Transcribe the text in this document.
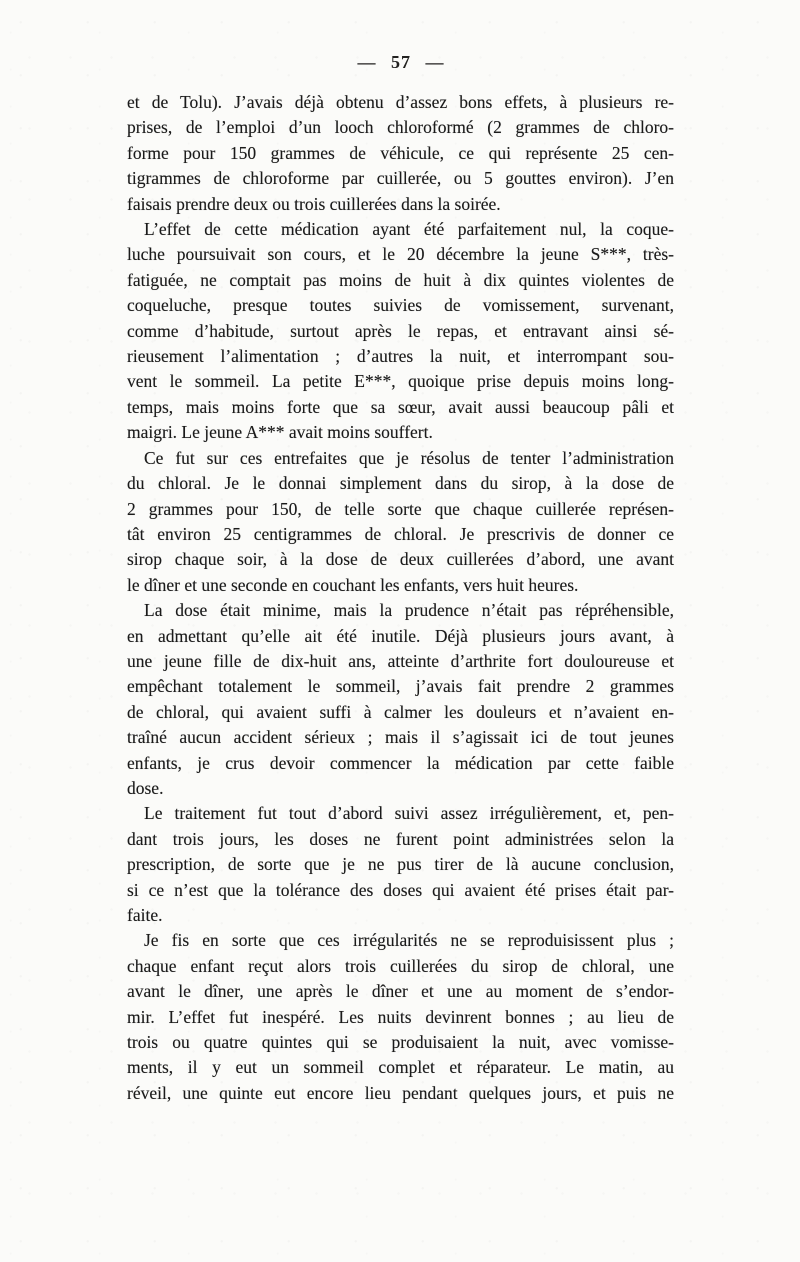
— 57 —
et de Tolu). J’avais déjà obtenu d’assez bons effets, à plusieurs re-
prises, de l’emploi d’un looch chloroformé (2 grammes de chloro-
forme pour 150 grammes de véhicule, ce qui représente 25 cen-
tigrammes de chloroforme par cuillerée, ou 5 gouttes environ). J’en
faisais prendre deux ou trois cuillerées dans la soirée.
L’effet de cette médication ayant été parfaitement nul, la coque-
luche poursuivait son cours, et le 20 décembre la jeune S***, très-
fatiguée, ne comptait pas moins de huit à dix quintes violentes de
coqueluche, presque toutes suivies de vomissement, survenant,
comme d’habitude, surtout après le repas, et entravant ainsi sé-
rieusement l’alimentation ; d’autres la nuit, et interrompant sou-
vent le sommeil. La petite E***, quoique prise depuis moins long-
temps, mais moins forte que sa sœur, avait aussi beaucoup pâli et
maigri. Le jeune A*** avait moins souffert.
Ce fut sur ces entrefaites que je résolus de tenter l’administration
du chloral. Je le donnai simplement dans du sirop, à la dose de
2 grammes pour 150, de telle sorte que chaque cuillerée représen-
tât environ 25 centigrammes de chloral. Je prescrivis de donner ce
sirop chaque soir, à la dose de deux cuillerées d’abord, une avant
le dîner et une seconde en couchant les enfants, vers huit heures.
La dose était minime, mais la prudence n’était pas répréhensible,
en admettant qu’elle ait été inutile. Déjà plusieurs jours avant, à
une jeune fille de dix-huit ans, atteinte d’arthrite fort douloureuse et
empêchant totalement le sommeil, j’avais fait prendre 2 grammes
de chloral, qui avaient suffi à calmer les douleurs et n’avaient en-
traîné aucun accident sérieux ; mais il s’agissait ici de tout jeunes
enfants, je crus devoir commencer la médication par cette faible
dose.
Le traitement fut tout d’abord suivi assez irrégulièrement, et, pen-
dant trois jours, les doses ne furent point administrées selon la
prescription, de sorte que je ne pus tirer de là aucune conclusion,
si ce n’est que la tolérance des doses qui avaient été prises était par-
faite.
Je fis en sorte que ces irrégularités ne se reproduisissent plus ;
chaque enfant reçut alors trois cuillerées du sirop de chloral, une
avant le dîner, une après le dîner et une au moment de s’endor-
mir. L’effet fut inespéré. Les nuits devinrent bonnes ; au lieu de
trois ou quatre quintes qui se produisaient la nuit, avec vomisse-
ments, il y eut un sommeil complet et réparateur. Le matin, au
réveil, une quinte eut encore lieu pendant quelques jours, et puis ne
